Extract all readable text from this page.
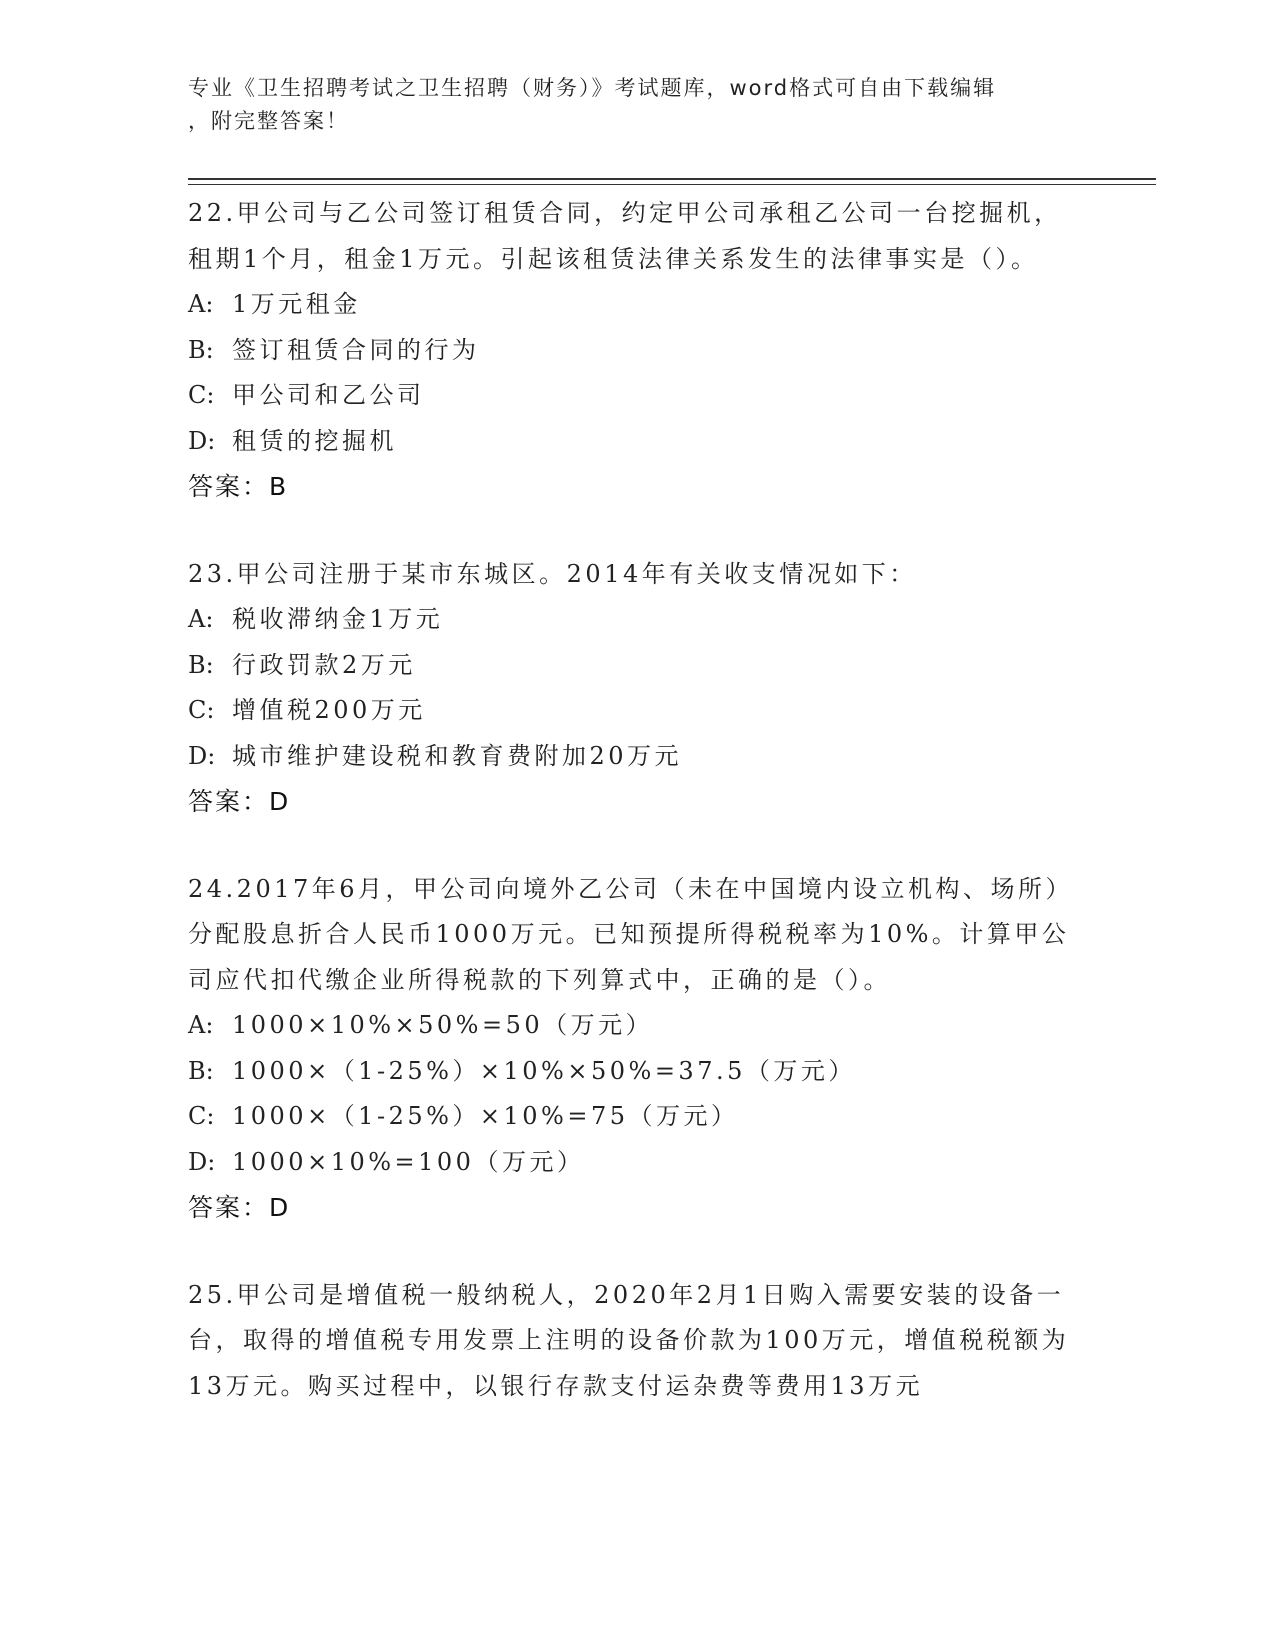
专业《卫生招聘考试之卫生招聘（财务）》考试题库，word格式可自由下载编辑
，附完整答案！
22.甲公司与乙公司签订租赁合同，约定甲公司承租乙公司一台挖掘机，租期1个月，租金1万元。引起该租赁法律关系发生的法律事实是（）。
A: 1万元租金
B: 签订租赁合同的行为
C: 甲公司和乙公司
D: 租赁的挖掘机
答案：B
23.甲公司注册于某市东城区。2014年有关收支情况如下：
A: 税收滞纳金1万元
B: 行政罚款2万元
C: 增值税200万元
D: 城市维护建设税和教育费附加20万元
答案：D
24.2017年6月，甲公司向境外乙公司（未在中国境内设立机构、场所）分配股息折合人民币1000万元。已知预提所得税税率为10%。计算甲公司应代扣代缴企业所得税款的下列算式中，正确的是（）。
A: 1000×10%×50%=50（万元）
B: 1000×（1-25%）×10%×50%=37.5（万元）
C: 1000×（1-25%）×10%=75（万元）
D: 1000×10%=100（万元）
答案：D
25.甲公司是增值税一般纳税人，2020年2月1日购入需要安装的设备一台，取得的增值税专用发票上注明的设备价款为100万元，增值税税额为13万元。购买过程中，以银行存款支付运杂费等费用13万元
